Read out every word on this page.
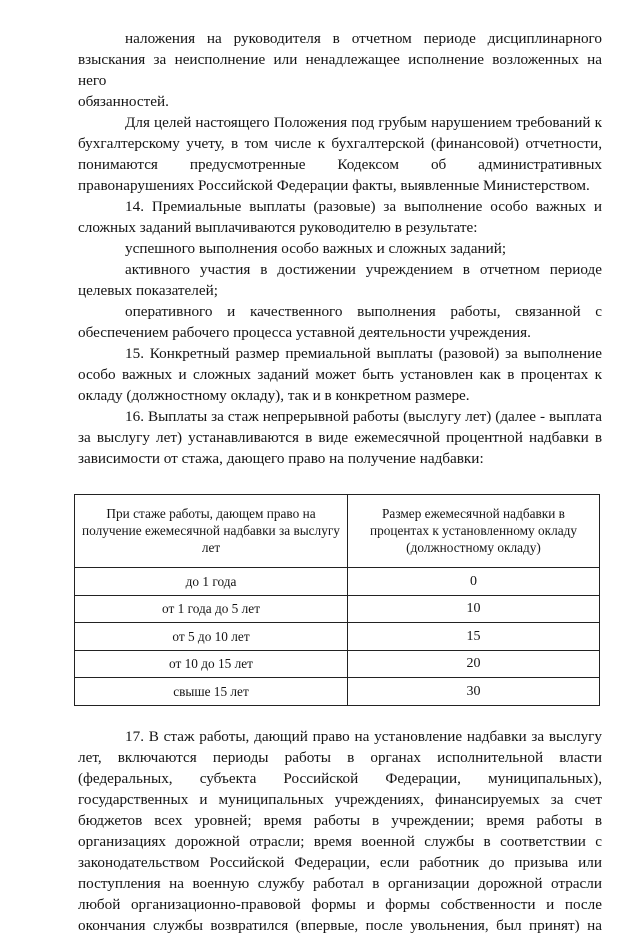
наложения на руководителя в отчетном периоде дисциплинарного

взыскания за неисполнение или ненадлежащее исполнение возложенных на него

обязанностей.

Для целей настоящего Положения под грубым нарушением требований к

бухгалтерскому учету, в том числе к бухгалтерской (финансовой) отчетности,

понимаются предусмотренные Кодексом об административных

правонарушениях Российской Федерации факты, выявленные Министерством.

14. Премиальные выплаты (разовые) за выполнение особо важных и

сложных заданий выплачиваются руководителю в результате:

успешного выполнения особо важных и сложных заданий;

активного участия в достижении учреждением в отчетном периоде

целевых показателей;

оперативного и качественного выполнения работы, связанной с

обеспечением рабочего процесса уставной деятельности учреждения.

15. Конкретный размер премиальной выплаты (разовой) за выполнение

особо важных и сложных заданий может быть установлен как в процентах к

окладу (должностному окладу), так и в конкретном размере.

16. Выплаты за стаж непрерывной работы (выслугу лет) (далее - выплата

за выслугу лет) устанавливаются в виде ежемесячной процентной надбавки в

зависимости от стажа, дающего право на получение надбавки:

При стаже работы, дающем право на получение ежемесячной надбавки за выслугу лет	Размер ежемесячной надбавки в процентах к установленному окладу (должностному окладу)
до 1 года	0
от 1 года до 5 лет	10
от 5 до 10 лет	15
от 10 до 15 лет	20
свыше 15 лет	30

17. В стаж работы, дающий право на установление надбавки за выслугу

лет, включаются периоды работы в органах исполнительной власти

(федеральных, субъекта Российской Федерации, муниципальных),

государственных и муниципальных учреждениях, финансируемых за счет

бюджетов всех уровней; время работы в учреждении; время работы в

организациях дорожной отрасли; время военной службы в соответствии с

законодательством Российской Федерации, если работник до призыва или

поступления на военную службу работал в организации дорожной отрасли

любой организационно-правовой формы и формы собственности и после

окончания службы возвратился (впервые, после увольнения, был принят) на
